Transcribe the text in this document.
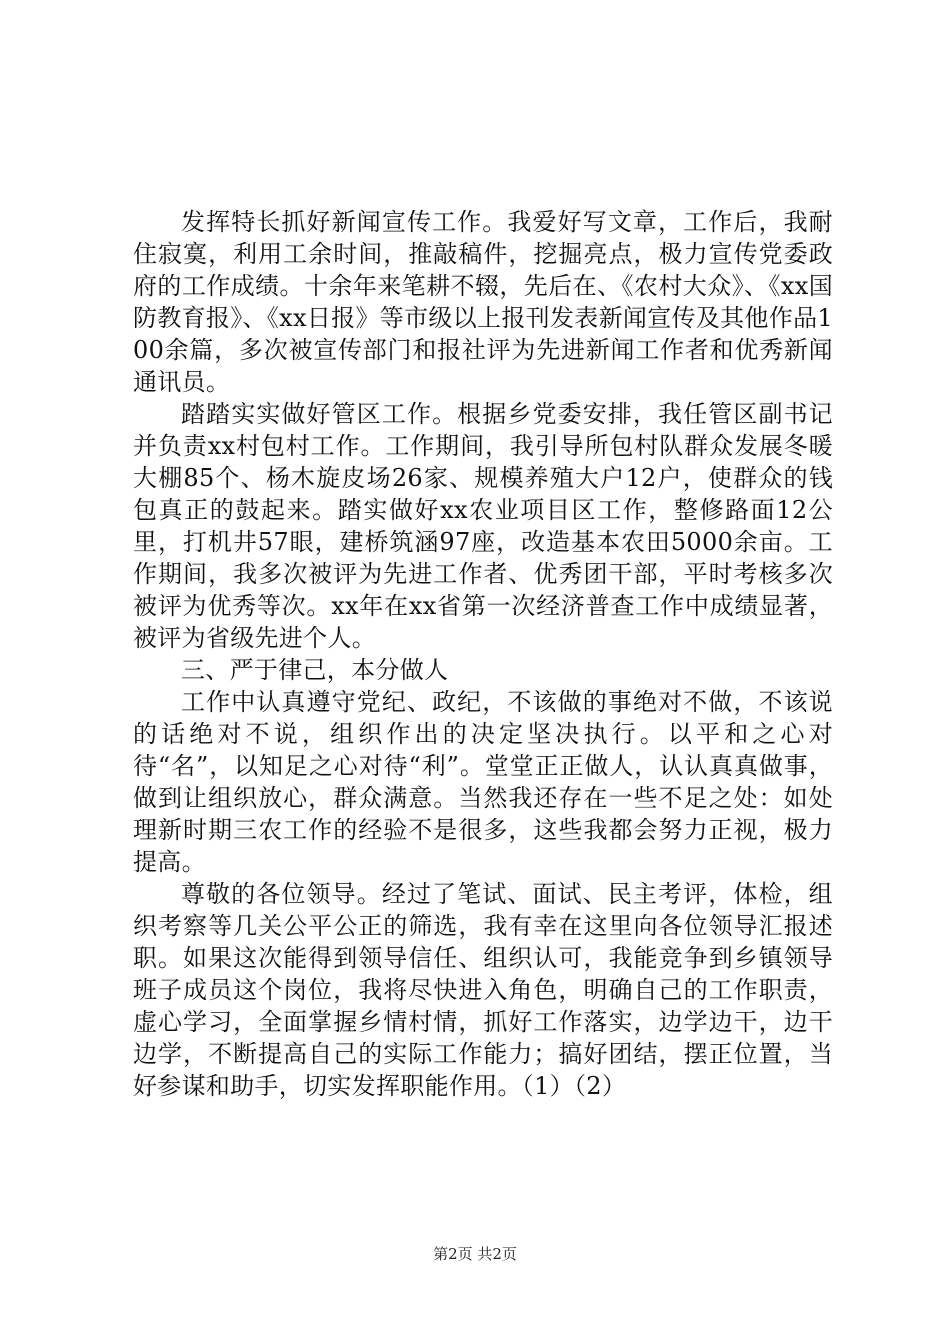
发挥特长抓好新闻宣传工作。我爱好写文章，工作后，我耐住寂寞，利用工余时间，推敲稿件，挖掘亮点，极力宣传党委政府的工作成绩。十余年来笔耕不辍，先后在、《农村大众》、《xx国防教育报》、《xx日报》等市级以上报刊发表新闻宣传及其他作品100余篇，多次被宣传部门和报社评为先进新闻工作者和优秀新闻通讯员。

踏踏实实做好管区工作。根据乡党委安排，我任管区副书记并负责xx村包村工作。工作期间，我引导所包村队群众发展冬暖大棚85个、杨木旋皮场26家、规模养殖大户12户，使群众的钱包真正的鼓起来。踏实做好xx农业项目区工作，整修路面12公里，打机井57眼，建桥筑涵97座，改造基本农田5000余亩。工作期间，我多次被评为先进工作者、优秀团干部，平时考核多次被评为优秀等次。xx年在xx省第一次经济普查工作中成绩显著，被评为省级先进个人。

三、严于律己，本分做人

工作中认真遵守党纪、政纪，不该做的事绝对不做，不该说的话绝对不说，组织作出的决定坚决执行。以平和之心对待“名”，以知足之心对待“利”。堂堂正正做人，认认真真做事，做到让组织放心，群众满意。当然我还存在一些不足之处：如处理新时期三农工作的经验不是很多，这些我都会努力正视，极力提高。

尊敬的各位领导。经过了笔试、面试、民主考评，体检，组织考察等几关公平公正的筛选，我有幸在这里向各位领导汇报述职。如果这次能得到领导信任、组织认可，我能竞争到乡镇领导班子成员这个岗位，我将尽快进入角色，明确自己的工作职责，虚心学习，全面掌握乡情村情，抓好工作落实，边学边干，边干边学，不断提高自己的实际工作能力；搞好团结，摆正位置，当好参谋和助手，切实发挥职能作用。（1）（2）

第2页 共2页
